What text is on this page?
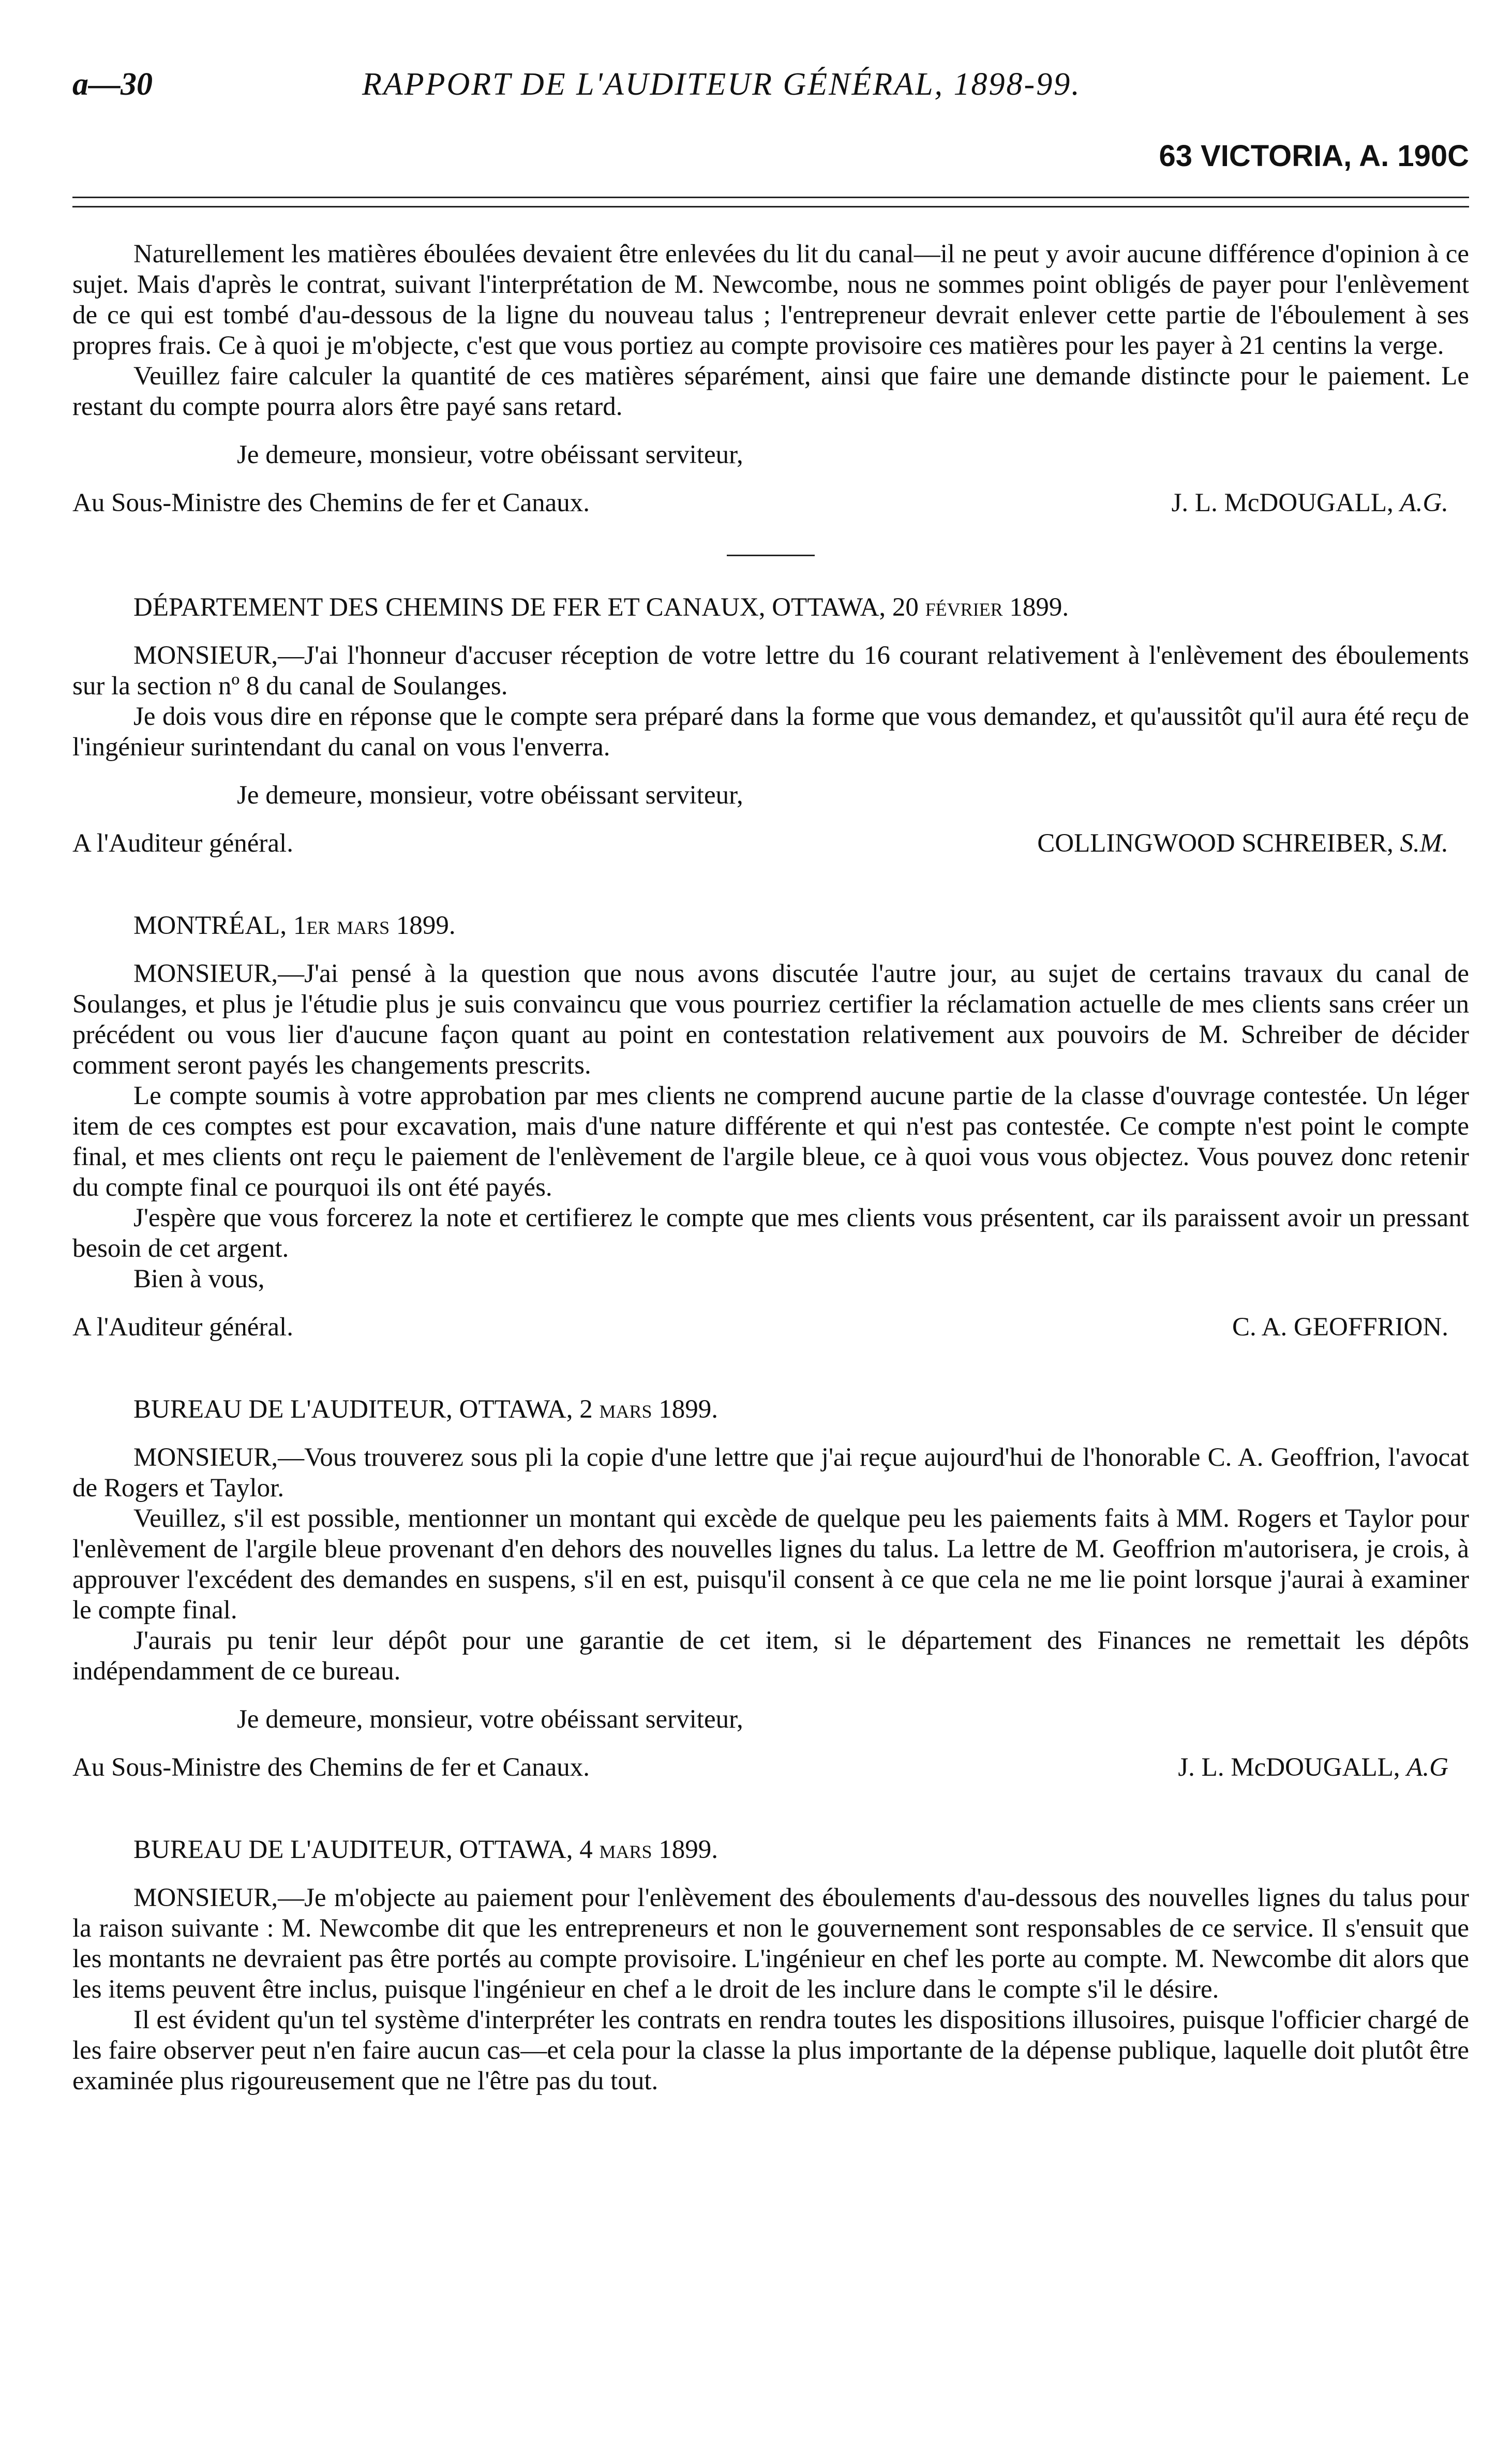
a—30	RAPPORT DE L'AUDITEUR GÉNÉRAL, 1898-99.
63 VICTORIA, A. 190C

Naturellement les matières éboulées devaient être enlevées du lit du canal—il ne peut y avoir aucune différence d'opinion à ce sujet. Mais d'après le contrat, suivant l'interprétation de M. Newcombe, nous ne sommes point obligés de payer pour l'enlèvement de ce qui est tombé d'au-dessous de la ligne du nouveau talus ; l'entrepreneur devrait enlever cette partie de l'éboulement à ses propres frais. Ce à quoi je m'objecte, c'est que vous portiez au compte provisoire ces matières pour les payer à 21 centins la verge.

Veuillez faire calculer la quantité de ces matières séparément, ainsi que faire une demande distincte pour le paiement. Le restant du compte pourra alors être payé sans retard.

Je demeure, monsieur, votre obéissant serviteur,

Au Sous-Ministre des Chemins de fer et Canaux.	J. L. McDOUGALL, A.G.

DÉPARTEMENT DES CHEMINS DE FER ET CANAUX, OTTAWA, 20 février 1899.

MONSIEUR,—J'ai l'honneur d'accuser réception de votre lettre du 16 courant relativement à l'enlèvement des éboulements sur la section nº 8 du canal de Soulanges.

Je dois vous dire en réponse que le compte sera préparé dans la forme que vous demandez, et qu'aussitôt qu'il aura été reçu de l'ingénieur surintendant du canal on vous l'enverra.

Je demeure, monsieur, votre obéissant serviteur,

A l'Auditeur général.	COLLINGWOOD SCHREIBER, S.M.

MONTRÉAL, 1er mars 1899.

MONSIEUR,—J'ai pensé à la question que nous avons discutée l'autre jour, au sujet de certains travaux du canal de Soulanges, et plus je l'étudie plus je suis convaincu que vous pourriez certifier la réclamation actuelle de mes clients sans créer un précédent ou vous lier d'aucune façon quant au point en contestation relativement aux pouvoirs de M. Schreiber de décider comment seront payés les changements prescrits.

Le compte soumis à votre approbation par mes clients ne comprend aucune partie de la classe d'ouvrage contestée. Un léger item de ces comptes est pour excavation, mais d'une nature différente et qui n'est pas contestée. Ce compte n'est point le compte final, et mes clients ont reçu le paiement de l'enlèvement de l'argile bleue, ce à quoi vous vous objectez. Vous pouvez donc retenir du compte final ce pourquoi ils ont été payés.

J'espère que vous forcerez la note et certifierez le compte que mes clients vous présentent, car ils paraissent avoir un pressant besoin de cet argent.

Bien à vous,

A l'Auditeur général.	C. A. GEOFFRION.

BUREAU DE L'AUDITEUR, OTTAWA, 2 mars 1899.

MONSIEUR,—Vous trouverez sous pli la copie d'une lettre que j'ai reçue aujourd'hui de l'honorable C. A. Geoffrion, l'avocat de Rogers et Taylor.

Veuillez, s'il est possible, mentionner un montant qui excède de quelque peu les paiements faits à MM. Rogers et Taylor pour l'enlèvement de l'argile bleue provenant d'en dehors des nouvelles lignes du talus. La lettre de M. Geoffrion m'autorisera, je crois, à approuver l'excédent des demandes en suspens, s'il en est, puisqu'il consent à ce que cela ne me lie point lorsque j'aurai à examiner le compte final.

J'aurais pu tenir leur dépôt pour une garantie de cet item, si le département des Finances ne remettait les dépôts indépendamment de ce bureau.

Je demeure, monsieur, votre obéissant serviteur,

Au Sous-Ministre des Chemins de fer et Canaux.	J. L. McDOUGALL, A.G

BUREAU DE L'AUDITEUR, OTTAWA, 4 mars 1899.

MONSIEUR,—Je m'objecte au paiement pour l'enlèvement des éboulements d'au-dessous des nouvelles lignes du talus pour la raison suivante : M. Newcombe dit que les entrepreneurs et non le gouvernement sont responsables de ce service. Il s'ensuit que les montants ne devraient pas être portés au compte provisoire. L'ingénieur en chef les porte au compte. M. Newcombe dit alors que les items peuvent être inclus, puisque l'ingénieur en chef a le droit de les inclure dans le compte s'il le désire.

Il est évident qu'un tel système d'interpréter les contrats en rendra toutes les dispositions illusoires, puisque l'officier chargé de les faire observer peut n'en faire aucun cas—et cela pour la classe la plus importante de la dépense publique, laquelle doit plutôt être examinée plus rigoureusement que ne l'être pas du tout.
